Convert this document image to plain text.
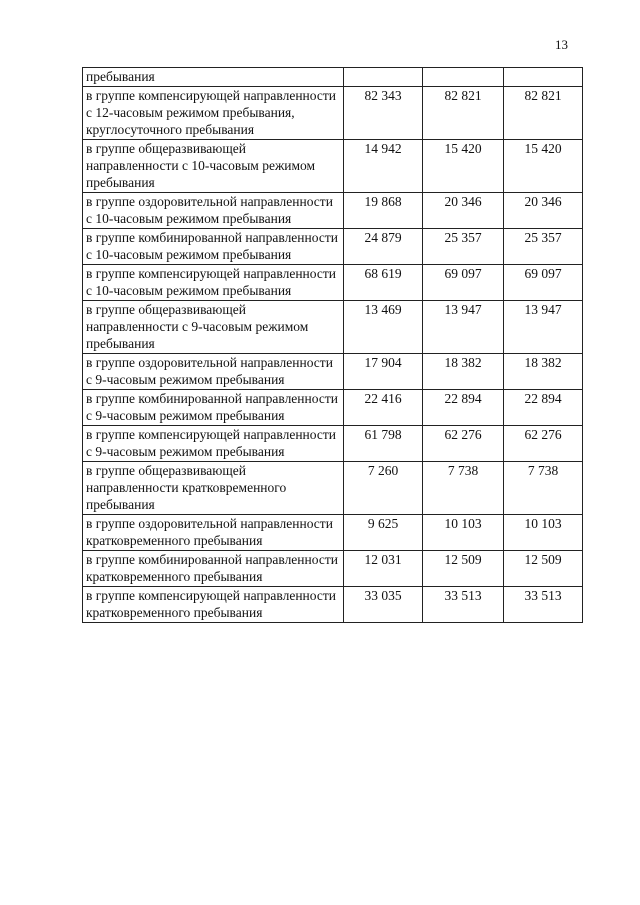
13
пребывания			
в группе компенсирующей направленности с 12-часовым режимом пребывания, круглосуточного пребывания	82 343	82 821	82 821
в группе общеразвивающей направленности с 10-часовым режимом пребывания	14 942	15 420	15 420
в группе оздоровительной направленности с 10-часовым режимом пребывания	19 868	20 346	20 346
в группе комбинированной направленности с 10-часовым режимом пребывания	24 879	25 357	25 357
в группе компенсирующей направленности с 10-часовым режимом пребывания	68 619	69 097	69 097
в группе общеразвивающей направленности с 9-часовым режимом пребывания	13 469	13 947	13 947
в группе оздоровительной направленности с 9-часовым режимом пребывания	17 904	18 382	18 382
в группе комбинированной направленности с 9-часовым режимом пребывания	22 416	22 894	22 894
в группе компенсирующей направленности с 9-часовым режимом пребывания	61 798	62 276	62 276
в группе общеразвивающей направленности кратковременного пребывания	7 260	7 738	7 738
в группе оздоровительной направленности кратковременного пребывания	9 625	10 103	10 103
в группе комбинированной направленности кратковременного пребывания	12 031	12 509	12 509
в группе компенсирующей направленности кратковременного пребывания	33 035	33 513	33 513
